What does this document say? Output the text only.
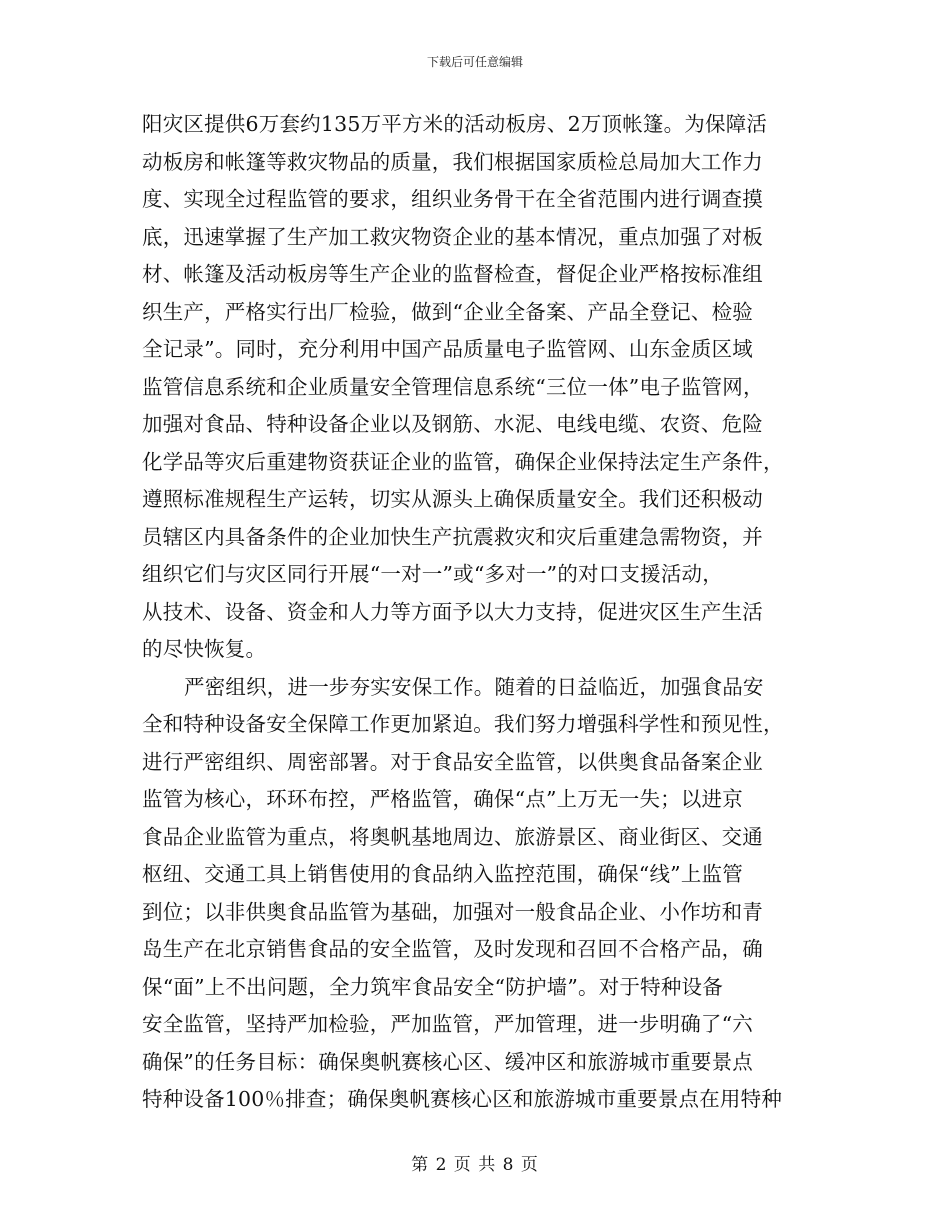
下载后可任意编辑
阳灾区提供6万套约135万平方米的活动板房、2万顶帐篷。为保障活
动板房和帐篷等救灾物品的质量，我们根据国家质检总局加大工作力
度、实现全过程监管的要求，组织业务骨干在全省范围内进行调查摸
底，迅速掌握了生产加工救灾物资企业的基本情况，重点加强了对板
材、帐篷及活动板房等生产企业的监督检查，督促企业严格按标准组
织生产，严格实行出厂检验，做到“企业全备案、产品全登记、检验
全记录”。同时，充分利用中国产品质量电子监管网、山东金质区域
监管信息系统和企业质量安全管理信息系统“三位一体”电子监管网，
加强对食品、特种设备企业以及钢筋、水泥、电线电缆、农资、危险
化学品等灾后重建物资获证企业的监管，确保企业保持法定生产条件，
遵照标准规程生产运转，切实从源头上确保质量安全。我们还积极动
员辖区内具备条件的企业加快生产抗震救灾和灾后重建急需物资，并
组织它们与灾区同行开展“一对一”或“多对一”的对口支援活动，
从技术、设备、资金和人力等方面予以大力支持，促进灾区生产生活
的尽快恢复。
严密组织，进一步夯实安保工作。随着的日益临近，加强食品安
全和特种设备安全保障工作更加紧迫。我们努力增强科学性和预见性，
进行严密组织、周密部署。对于食品安全监管，以供奥食品备案企业
监管为核心，环环布控，严格监管，确保“点”上万无一失；以进京
食品企业监管为重点，将奥帆基地周边、旅游景区、商业街区、交通
枢纽、交通工具上销售使用的食品纳入监控范围，确保“线”上监管
到位；以非供奥食品监管为基础，加强对一般食品企业、小作坊和青
岛生产在北京销售食品的安全监管，及时发现和召回不合格产品，确
保“面”上不出问题，全力筑牢食品安全“防护墙”。对于特种设备
安全监管，坚持严加检验，严加监管，严加管理，进一步明确了“六
确保”的任务目标：确保奥帆赛核心区、缓冲区和旅游城市重要景点
特种设备100％排查；确保奥帆赛核心区和旅游城市重要景点在用特种
第 2 页 共 8 页
